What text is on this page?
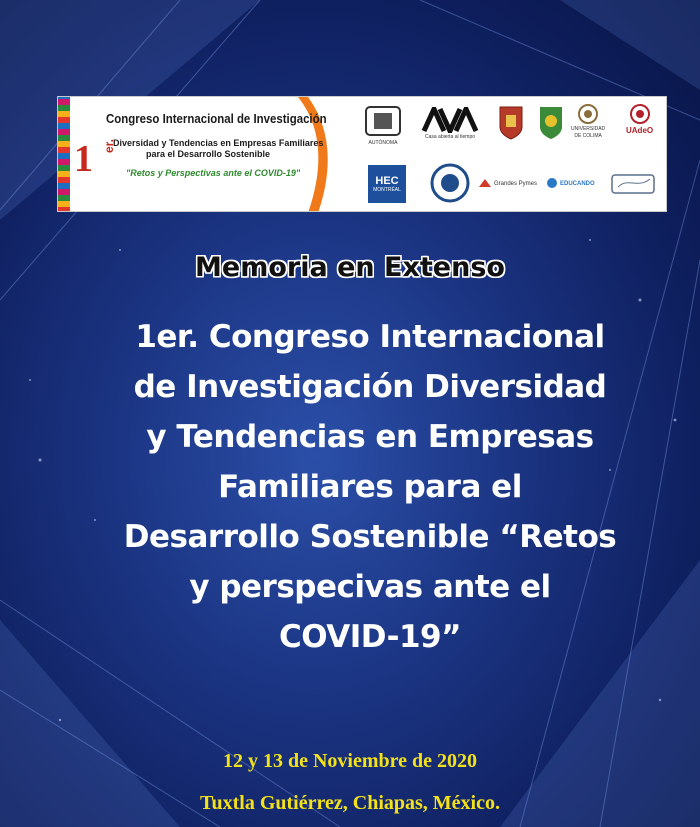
Congreso Internacional de Investigación
1 er.
Diversidad y Tendencias en Empresas Familiares
para el Desarrollo Sostenible
"Retos y Perspectivas ante el COVID-19"
AUTÓNOMA
Casa abierta al tiempo
UNIVERSIDAD
DE COLIMA
UAdeO
HEC
MONTRÉAL
Grandes Pymes	EDUCANDO
Memoria en Extenso
1er. Congreso Internacional
de Investigación Diversidad
y Tendencias en Empresas
Familiares para el
Desarrollo Sostenible “Retos
y perspecivas ante el
COVID-19”
12 y 13 de Noviembre de 2020
Tuxtla Gutiérrez, Chiapas, México.
